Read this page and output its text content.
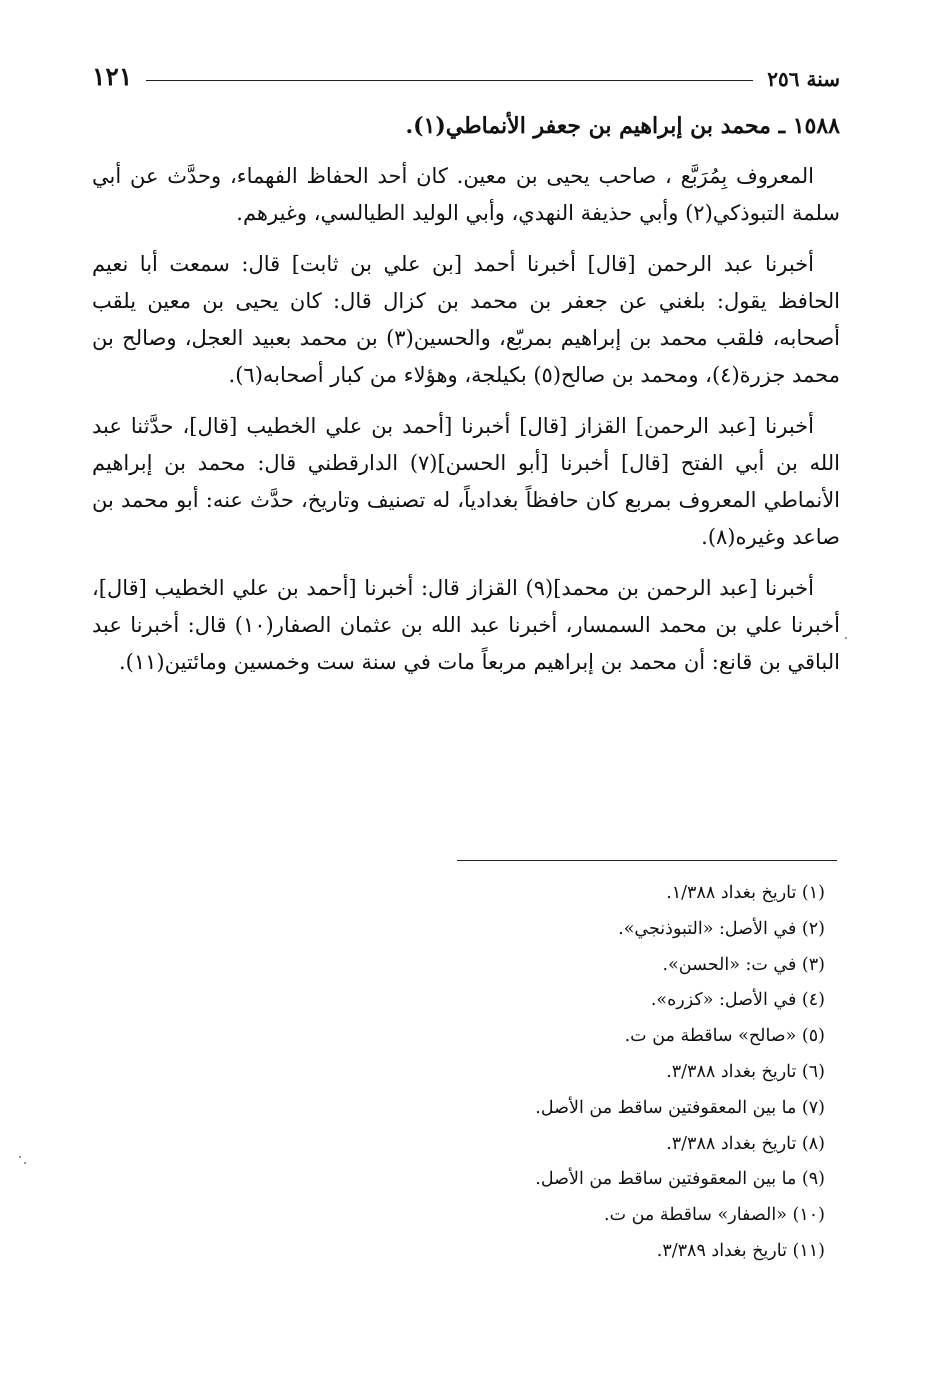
سنة ٢٥٦
١٢١
١٥٨٨ ـ محمد بن إبراهيم بن جعفر الأنماطي(١).

المعروف بِمُرَبَّع ، صاحب يحيى بن معين. كان أحد الحفاظ الفهماء، وحدَّث عن أبي سلمة التبوذكي(٢) وأبي حذيفة النهدي، وأبي الوليد الطيالسي، وغيرهم.

أخبرنا عبد الرحمن [قال] أخبرنا أحمد [بن علي بن ثابت] قال: سمعت أبا نعيم الحافظ يقول: بلغني عن جعفر بن محمد بن كزال قال: كان يحيى بن معين يلقب أصحابه، فلقب محمد بن إبراهيم بمربّع، والحسين(٣) بن محمد بعبيد العجل، وصالح بن محمد جزرة(٤)، ومحمد بن صالح(٥) بكيلجة، وهؤلاء من كبار أصحابه(٦).

أخبرنا [عبد الرحمن] القزاز [قال] أخبرنا [أحمد بن علي الخطيب [قال]، حدَّثنا عبد الله بن أبي الفتح [قال] أخبرنا [أبو الحسن](٧) الدارقطني قال: محمد بن إبراهيم الأنماطي المعروف بمربع كان حافظاً بغدادياً، له تصنيف وتاريخ، حدَّث عنه: أبو محمد بن صاعد وغيره(٨).

أخبرنا [عبد الرحمن بن محمد](٩) القزاز قال: أخبرنا [أحمد بن علي الخطيب [قال]، أخبرنا علي بن محمد السمسار، أخبرنا عبد الله بن عثمان الصفار(١٠) قال: أخبرنا عبد الباقي بن قانع: أن محمد بن إبراهيم مربعاً مات في سنة ست وخمسين ومائتين(١١).

(١) تاريخ بغداد ١/٣٨٨.
(٢) في الأصل: «التبوذنجي».
(٣) في ت: «الحسن».
(٤) في الأصل: «كزره».
(٥) «صالح» ساقطة من ت.
(٦) تاريخ بغداد ٣/٣٨٨.
(٧) ما بين المعقوفتين ساقط من الأصل.
(٨) تاريخ بغداد ٣/٣٨٨.
(٩) ما بين المعقوفتين ساقط من الأصل.
(١٠) «الصفار» ساقطة من ت.
(١١) تاريخ بغداد ٣/٣٨٩.
